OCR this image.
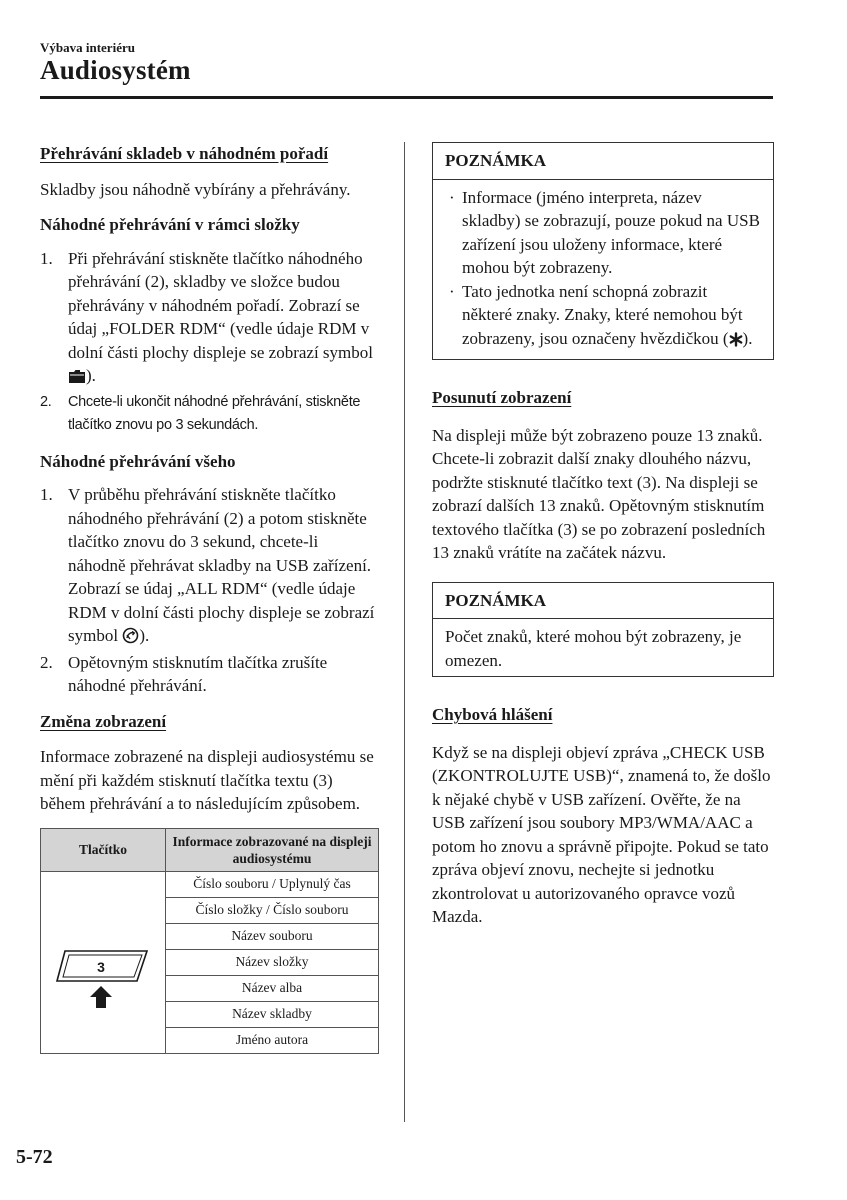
Výbava interiéru
Audiosystém
Přehrávání skladeb v náhodném pořadí

Skladby jsou náhodně vybírány a přehrávány.

Náhodné přehrávání v rámci složky
1. Při přehrávání stiskněte tlačítko náhodného přehrávání (2), skladby ve složce budou přehrávány v náhodném pořadí. Zobrazí se údaj „FOLDER RDM“ (vedle údaje RDM v dolní části plochy displeje se zobrazí symbol ).
2. Chcete-li ukončit náhodné přehrávání, stiskněte tlačítko znovu po 3 sekundách.
Náhodné přehrávání všeho
1. V průběhu přehrávání stiskněte tlačítko náhodného přehrávání (2) a potom stiskněte tlačítko znovu do 3 sekund, chcete-li náhodně přehrávat skladby na USB zařízení. Zobrazí se údaj „ALL RDM“ (vedle údaje RDM v dolní části plochy displeje se zobrazí symbol ).
2. Opětovným stisknutím tlačítka zrušíte náhodné přehrávání.
Změna zobrazení

Informace zobrazené na displeji audiosystému se mění při každém stisknutí tlačítka textu (3) během přehrávání a to následujícím způsobem.

Tlačítko	Informace zobrazované na displeji audiosystému

3	Číslo souboru / Uplynulý čas
	Číslo složky / Číslo souboru
	Název souboru
	Název složky
	Název alba
	Název skladby
	Jméno autora
POZNÁMKA
· Informace (jméno interpreta, název skladby) se zobrazují, pouze pokud na USB zařízení jsou uloženy informace, které mohou být zobrazeny.
· Tato jednotka není schopná zobrazit některé znaky. Znaky, které nemohou být zobrazeny, jsou označeny hvězdičkou ( ).
Posunutí zobrazení

Na displeji může být zobrazeno pouze 13 znaků. Chcete-li zobrazit další znaky dlouhého názvu, podržte stisknuté tlačítko text (3). Na displeji se zobrazí dalších 13 znaků. Opětovným stisknutím textového tlačítka (3) se po zobrazení posledních 13 znaků vrátíte na začátek názvu.

POZNÁMKA

Počet znaků, které mohou být zobrazeny, je omezen.

Chybová hlášení

Když se na displeji objeví zpráva „CHECK USB (ZKONTROLUJTE USB)“, znamená to, že došlo k nějaké chybě v USB zařízení. Ověřte, že na USB zařízení jsou soubory MP3/WMA/AAC a potom ho znovu a správně připojte. Pokud se tato zpráva objeví znovu, nechejte si jednotku zkontrolovat u autorizovaného opravce vozů Mazda.

5-72
